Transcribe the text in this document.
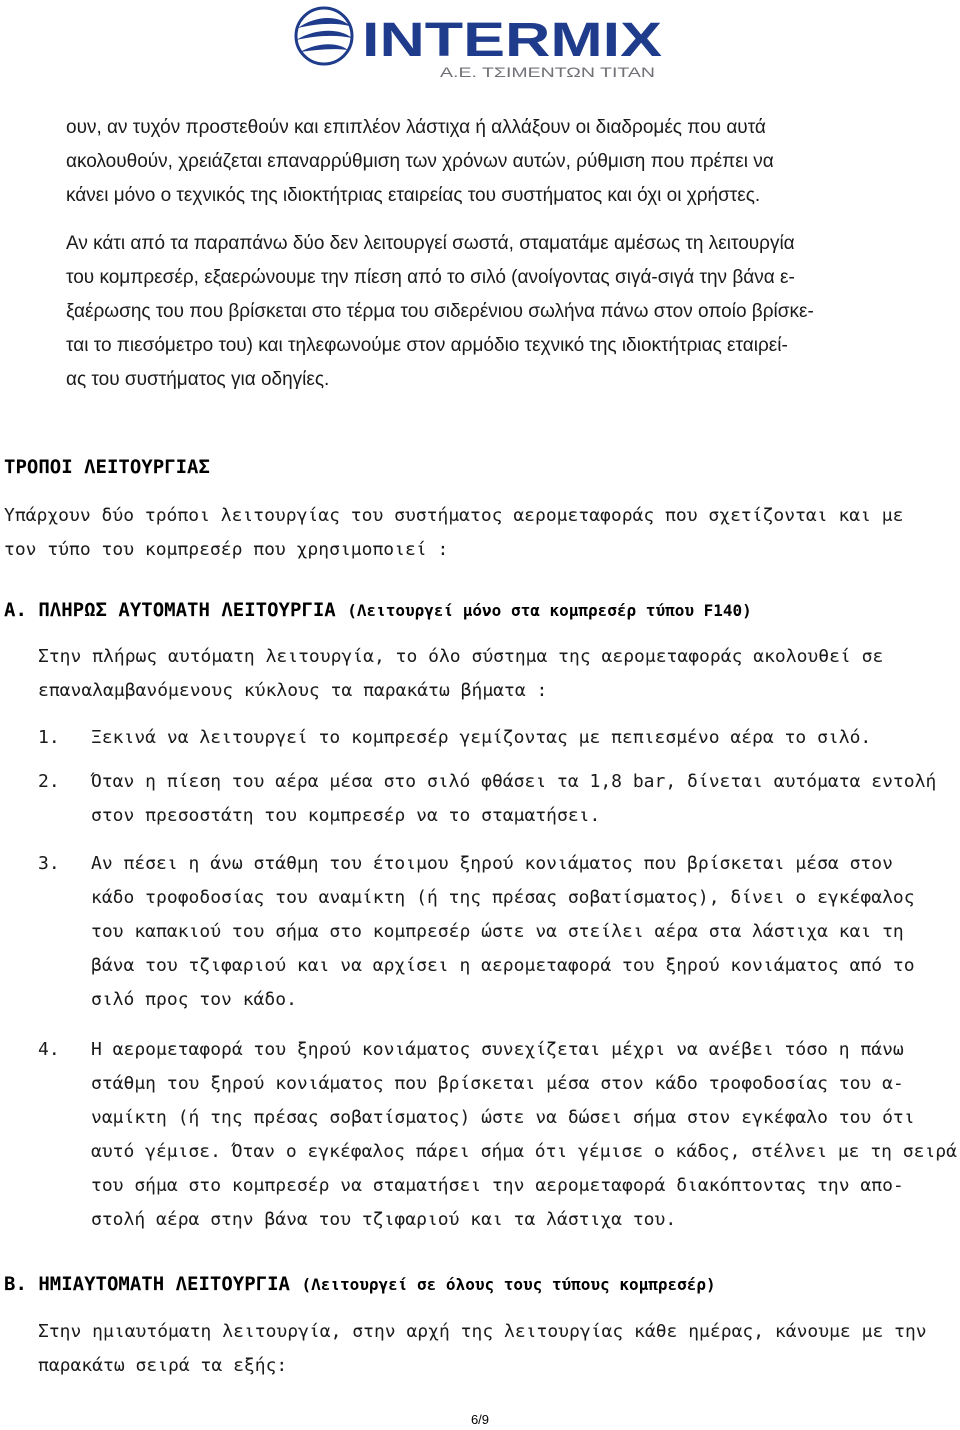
INTERMIX
Α.Ε. ΤΣΙΜΕΝΤΩΝ ΤΙΤΑΝ
ουν, αν τυχόν προστεθούν και επιπλέον λάστιχα ή αλλάξουν οι διαδρομές που αυτά
ακολουθούν, χρειάζεται επαναρρύθμιση των χρόνων αυτών, ρύθμιση που πρέπει να
κάνει μόνο ο τεχνικός της ιδιοκτήτριας εταιρείας του συστήματος και όχι οι χρήστες.
Αν κάτι από τα παραπάνω δύο δεν λειτουργεί σωστά, σταματάμε αμέσως τη λειτουργία
του κομπρεσέρ, εξαερώνουμε την πίεση από το σιλό (ανοίγοντας σιγά-σιγά την βάνα ε-
ξαέρωσης του που βρίσκεται στο τέρμα του σιδερένιου σωλήνα πάνω στον οποίο βρίσκε-
ται το πιεσόμετρο του) και τηλεφωνούμε στον αρμόδιο τεχνικό της ιδιοκτήτριας εταιρεί-
ας του συστήματος για οδηγίες.
ΤΡΟΠΟΙ ΛΕΙΤΟΥΡΓΙΑΣ
Υπάρχουν δύο τρόποι λειτουργίας του συστήματος αερομεταφοράς που σχετίζονται και με
τον τύπο του κομπρεσέρ που χρησιμοποιεί :
Α. ΠΛΗΡΩΣ ΑΥΤΟΜΑΤΗ ΛΕΙΤΟΥΡΓΙΑ (Λειτουργεί μόνο στα κομπρεσέρ τύπου F140)
Στην πλήρως αυτόματη λειτουργία, το όλο σύστημα της αερομεταφοράς ακολουθεί σε
επαναλαμβανόμενους κύκλους τα παρακάτω βήματα :
1. Ξεκινά να λειτουργεί το κομπρεσέρ γεμίζοντας με πεπιεσμένο αέρα το σιλό.
2. Όταν η πίεση του αέρα μέσα στο σιλό φθάσει τα 1,8 bar, δίνεται αυτόματα εντολή
στον πρεσοστάτη του κομπρεσέρ να το σταματήσει.
3. Αν πέσει η άνω στάθμη του έτοιμου ξηρού κονιάματος που βρίσκεται μέσα στον
κάδο τροφοδοσίας του αναμίκτη (ή της πρέσας σοβατίσματος), δίνει ο εγκέφαλος
του καπακιού του σήμα στο κομπρεσέρ ώστε να στείλει αέρα στα λάστιχα και τη
βάνα του τζιφαριού και να αρχίσει η αερομεταφορά του ξηρού κονιάματος από το
σιλό προς τον κάδο.
4. Η αερομεταφορά του ξηρού κονιάματος συνεχίζεται μέχρι να ανέβει τόσο η πάνω
στάθμη του ξηρού κονιάματος που βρίσκεται μέσα στον κάδο τροφοδοσίας του α-
ναμίκτη (ή της πρέσας σοβατίσματος) ώστε να δώσει σήμα στον εγκέφαλο του ότι
αυτό γέμισε. Όταν ο εγκέφαλος πάρει σήμα ότι γέμισε ο κάδος, στέλνει με τη σειρά
του σήμα στο κομπρεσέρ να σταματήσει την αερομεταφορά διακόπτοντας την απο-
στολή αέρα στην βάνα του τζιφαριού και τα λάστιχα του.
Β. ΗΜΙΑΥΤΟΜΑΤΗ ΛΕΙΤΟΥΡΓΙΑ (Λειτουργεί σε όλους τους τύπους κομπρεσέρ)
Στην ημιαυτόματη λειτουργία, στην αρχή της λειτουργίας κάθε ημέρας, κάνουμε με την
παρακάτω σειρά τα εξής:
6/9
